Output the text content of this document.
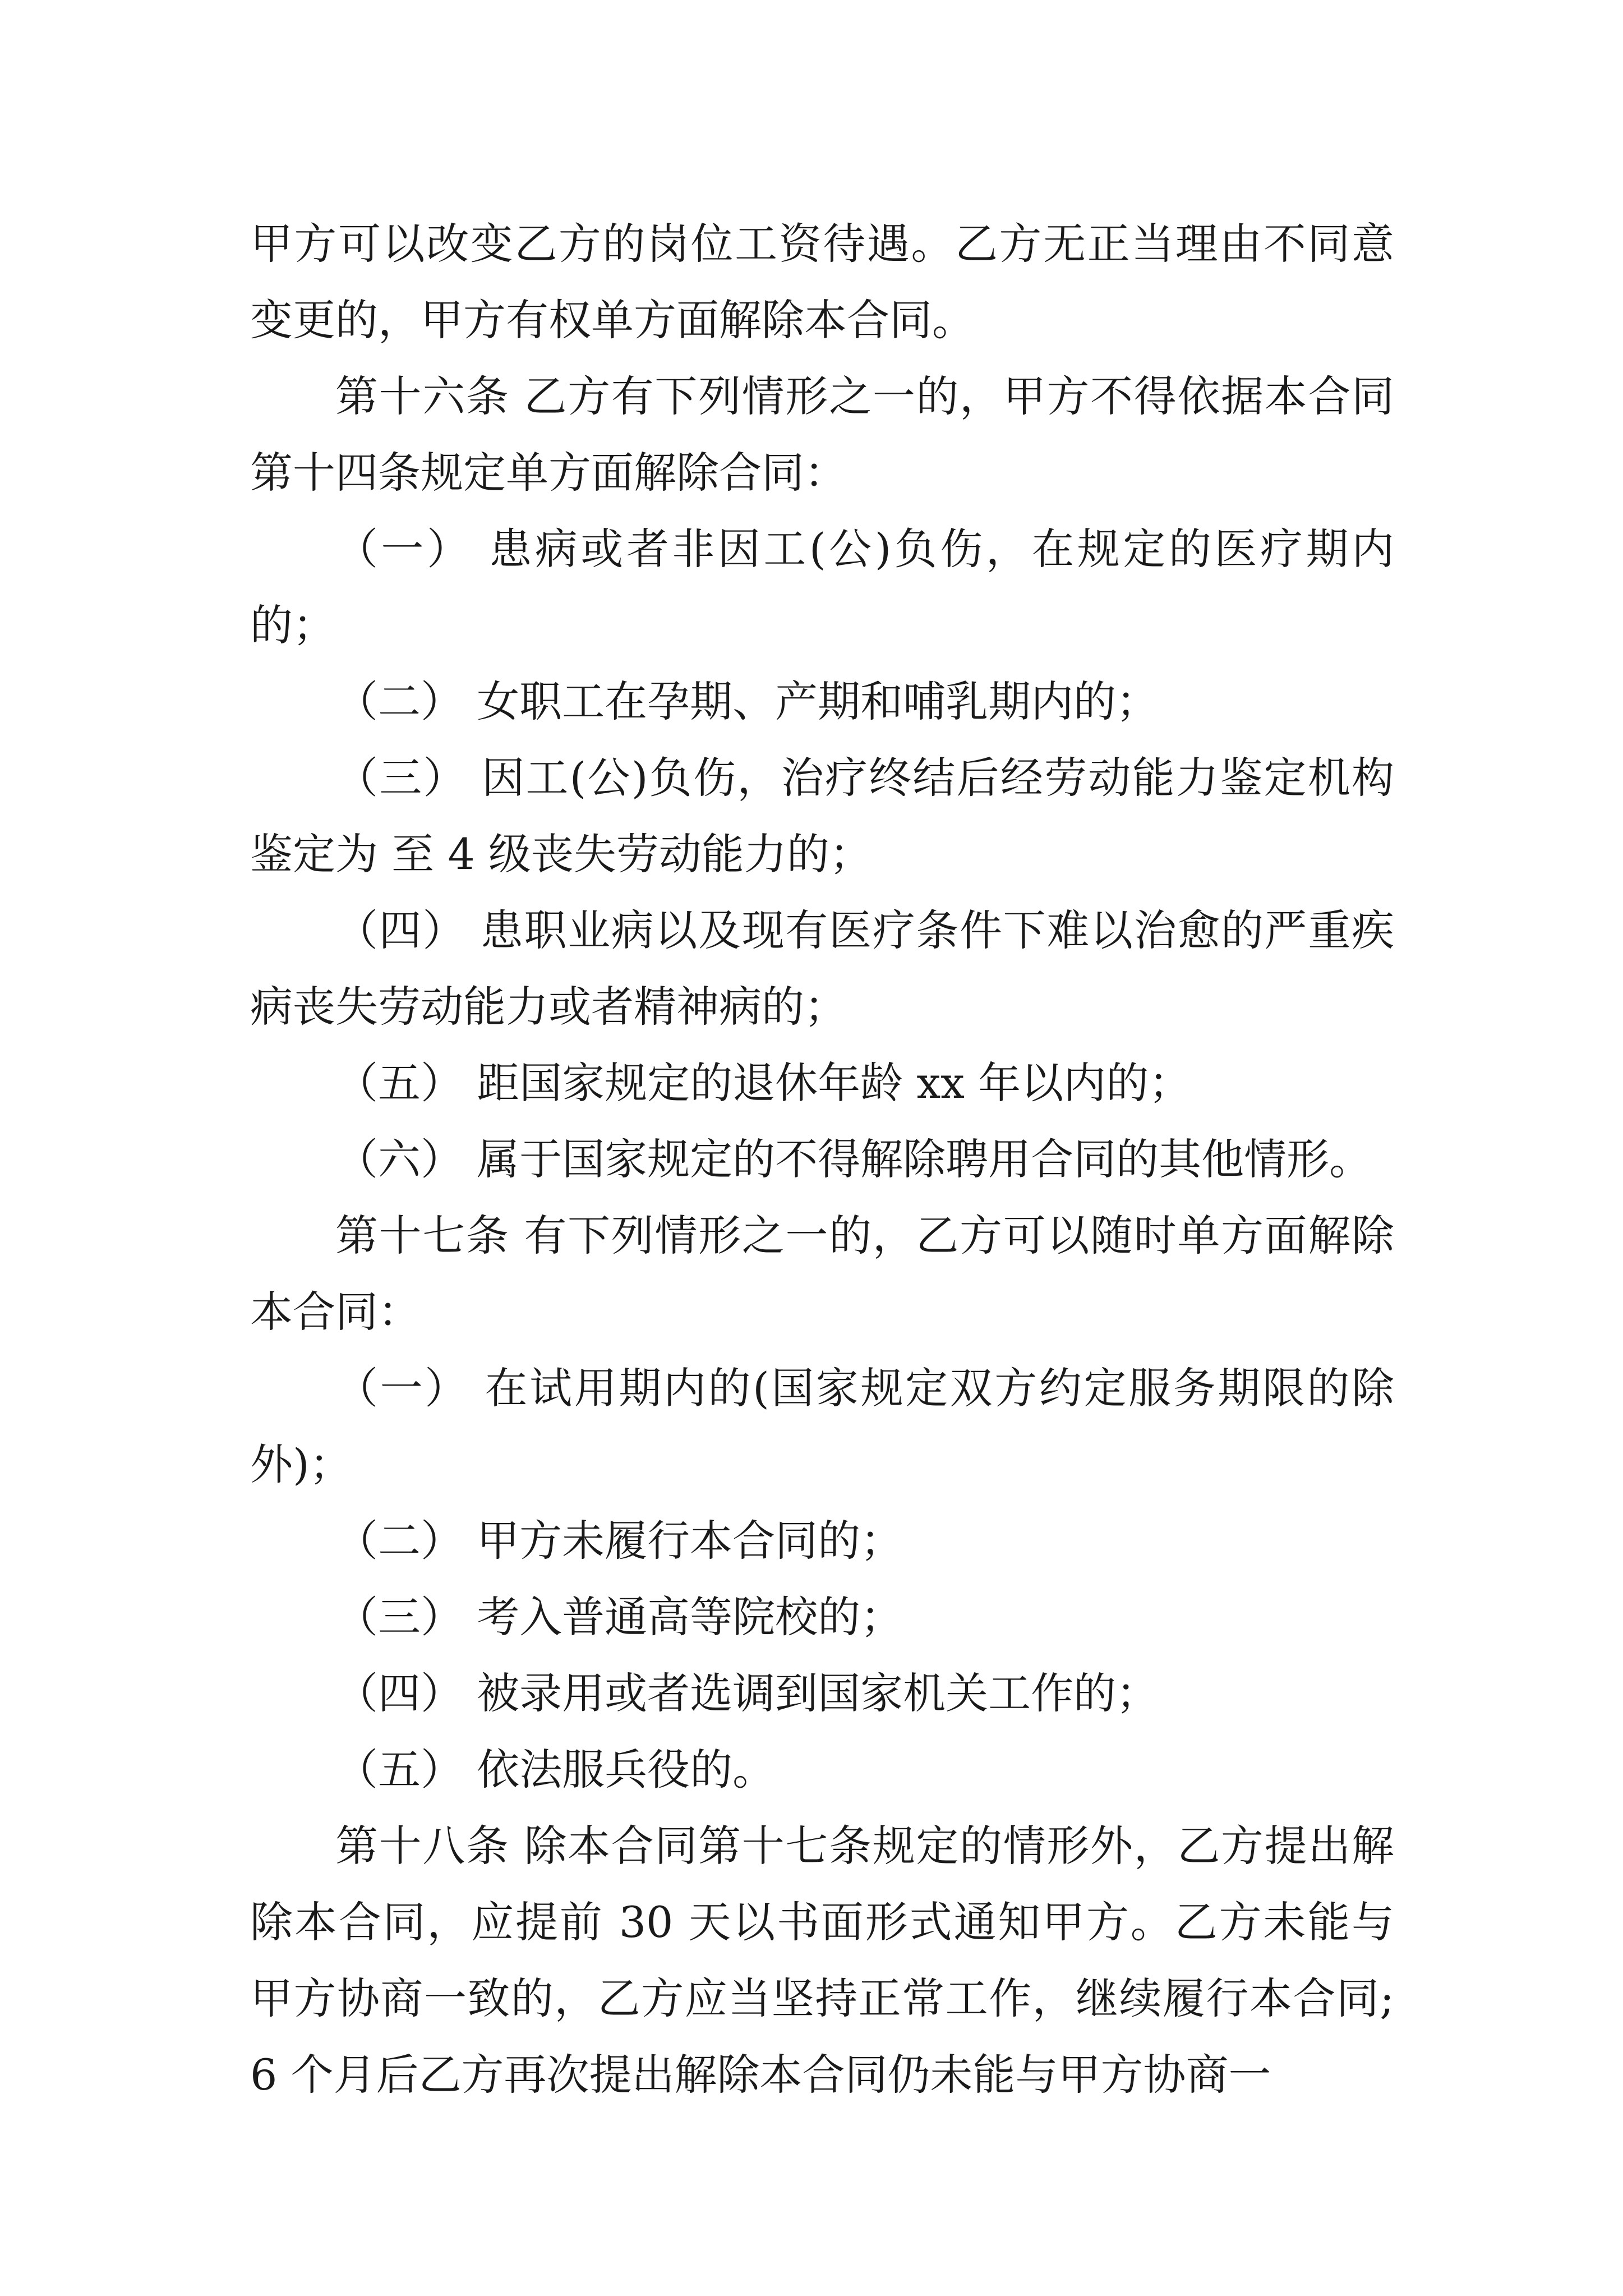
甲方可以改变乙方的岗位工资待遇。乙方无正当理由不同意变更的，甲方有权单方面解除本合同。

第十六条 乙方有下列情形之一的，甲方不得依据本合同第十四条规定单方面解除合同：

（一） 患病或者非因工(公)负伤，在规定的医疗期内的；

（二） 女职工在孕期、产期和哺乳期内的；

（三） 因工(公)负伤，治疗终结后经劳动能力鉴定机构鉴定为 至 4 级丧失劳动能力的；

（四） 患职业病以及现有医疗条件下难以治愈的严重疾病丧失劳动能力或者精神病的；

（五） 距国家规定的退休年龄 xx 年以内的；

（六） 属于国家规定的不得解除聘用合同的其他情形。

第十七条 有下列情形之一的，乙方可以随时单方面解除本合同：

（一） 在试用期内的(国家规定双方约定服务期限的除外)；

（二） 甲方未履行本合同的；

（三） 考入普通高等院校的；

（四） 被录用或者选调到国家机关工作的；

（五） 依法服兵役的。

第十八条 除本合同第十七条规定的情形外，乙方提出解除本合同，应提前 30 天以书面形式通知甲方。乙方未能与甲方协商一致的，乙方应当坚持正常工作，继续履行本合同;6 个月后乙方再次提出解除本合同仍未能与甲方协商一
